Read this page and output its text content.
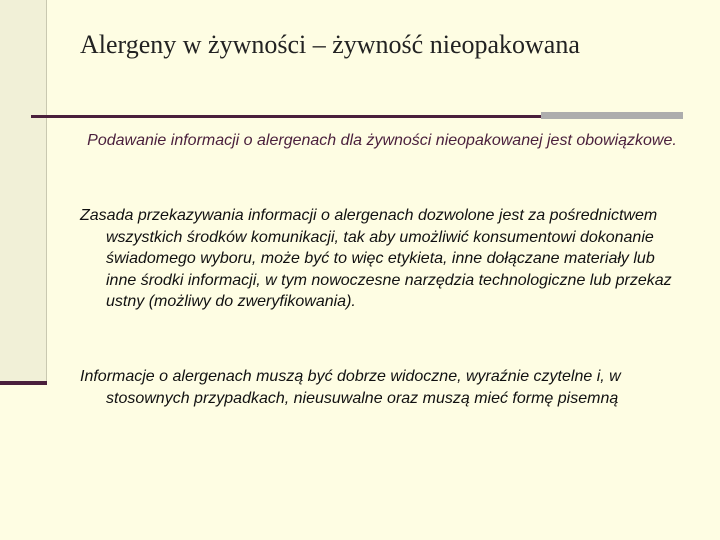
Alergeny w żywności – żywność nieopakowana
Podawanie informacji o alergenach dla żywności nieopakowanej jest obowiązkowe.
Zasada przekazywania informacji o alergenach dozwolone jest za pośrednictwem wszystkich środków komunikacji, tak aby umożliwić konsumentowi dokonanie świadomego wyboru, może być to więc etykieta, inne dołączane materiały lub inne środki informacji, w tym nowoczesne narzędzia technologiczne lub przekaz ustny (możliwy do zweryfikowania).
Informacje o alergenach muszą być dobrze widoczne, wyraźnie czytelne i, w stosownych przypadkach, nieusuwalne oraz muszą mieć formę pisemną
